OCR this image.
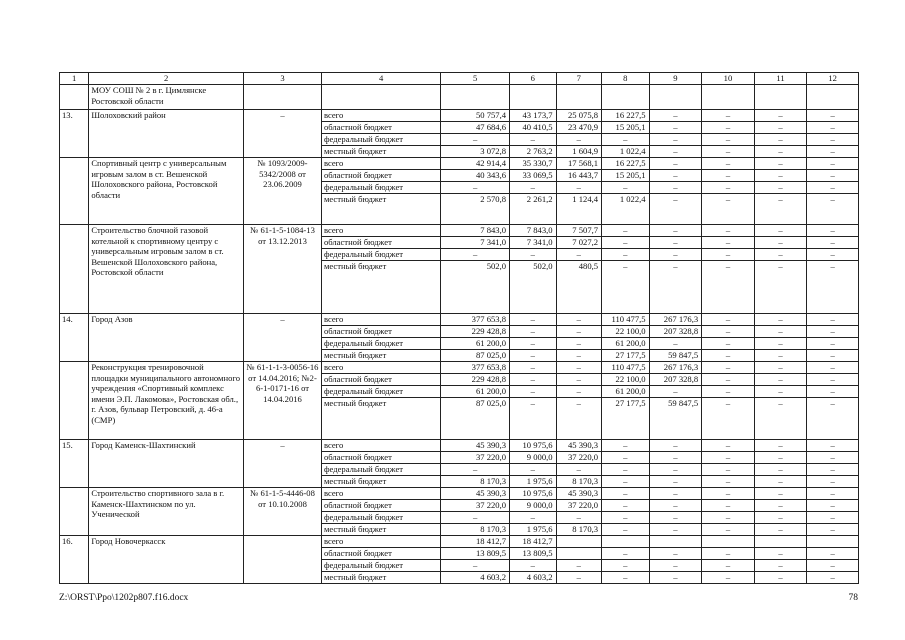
1	2	3	4	5	6	7	8	9	10	11	12
	МОУ СОШ № 2 в г. Цимлянске Ростовской области										
13.	Шолоховский район	–	всего	50 757,4	43 173,7	25 075,8	16 227,5	–	–	–	–
			областной бюджет	47 684,6	40 410,5	23 470,9	15 205,1	–	–	–	–
			федеральный бюджет	–	–	–	–	–	–	–	–
			местный бюджет	3 072,8	2 763,2	1 604,9	1 022,4	–	–	–	–
	Спортивный центр с универсальным игровым залом в ст. Вешенской Шолоховского района, Ростовской области	№ 1093/2009-5342/2008 от 23.06.2009	всего	42 914,4	35 330,7	17 568,1	16 227,5	–	–	–	–
			областной бюджет	40 343,6	33 069,5	16 443,7	15 205,1	–	–	–	–
			федеральный бюджет	–	–	–	–	–	–	–	–
			местный бюджет	2 570,8	2 261,2	1 124,4	1 022,4	–	–	–	–
	Строительство блочной газовой котельной к спортивному центру с универсальным игровым залом в ст. Вешенской Шолоховского района, Ростовской области	№ 61-1-5-1084-13 от 13.12.2013	всего	7 843,0	7 843,0	7 507,7	–	–	–	–	–
			областной бюджет	7 341,0	7 341,0	7 027,2	–	–	–	–	–
			федеральный бюджет	–	–	–	–	–	–	–	–
			местный бюджет	502,0	502,0	480,5	–	–	–	–	–
14.	Город Азов	–	всего	377 653,8	–	–	110 477,5	267 176,3	–	–	–
			областной бюджет	229 428,8	–	–	22 100,0	207 328,8	–	–	–
			федеральный бюджет	61 200,0	–	–	61 200,0	–	–	–	–
			местный бюджет	87 025,0	–	–	27 177,5	59 847,5	–	–	–
	Реконструкция тренировочной площадки муниципального автономного учреждения «Спортивный комплекс имени Э.П. Лакомова», Ростовская обл., г. Азов, бульвар Петровский, д. 46-а (СМР)	№ 61-1-1-3-0056-16 от 14.04.2016; №2-6-1-0171-16 от 14.04.2016	всего	377 653,8	–	–	110 477,5	267 176,3	–	–	–
			областной бюджет	229 428,8	–	–	22 100,0	207 328,8	–	–	–
			федеральный бюджет	61 200,0	–	–	61 200,0	–	–	–	–
			местный бюджет	87 025,0	–	–	27 177,5	59 847,5	–	–	–
15.	Город Каменск-Шахтинский	–	всего	45 390,3	10 975,6	45 390,3	–	–	–	–	–
			областной бюджет	37 220,0	9 000,0	37 220,0	–	–	–	–	–
			федеральный бюджет	–	–	–	–	–	–	–	–
			местный бюджет	8 170,3	1 975,6	8 170,3	–	–	–	–	–
	Строительство спортивного зала в г. Каменск-Шахтинском по ул. Ученической	№ 61-1-5-4446-08 от 10.10.2008	всего	45 390,3	10 975,6	45 390,3	–	–	–	–	–
			областной бюджет	37 220,0	9 000,0	37 220,0	–	–	–	–	–
			федеральный бюджет	–	–	–	–	–	–	–	–
			местный бюджет	8 170,3	1 975,6	8 170,3	–	–	–	–	–
16.	Город Новочеркасск		всего	18 412,7	18 412,7						
			областной бюджет	13 809,5	13 809,5		–	–	–	–	–
			федеральный бюджет	–	–	–	–	–	–	–	–
			местный бюджет	4 603,2	4 603,2	–	–	–	–	–	–
Z:\ORST\Ppo\1202p807.f16.docx	78
